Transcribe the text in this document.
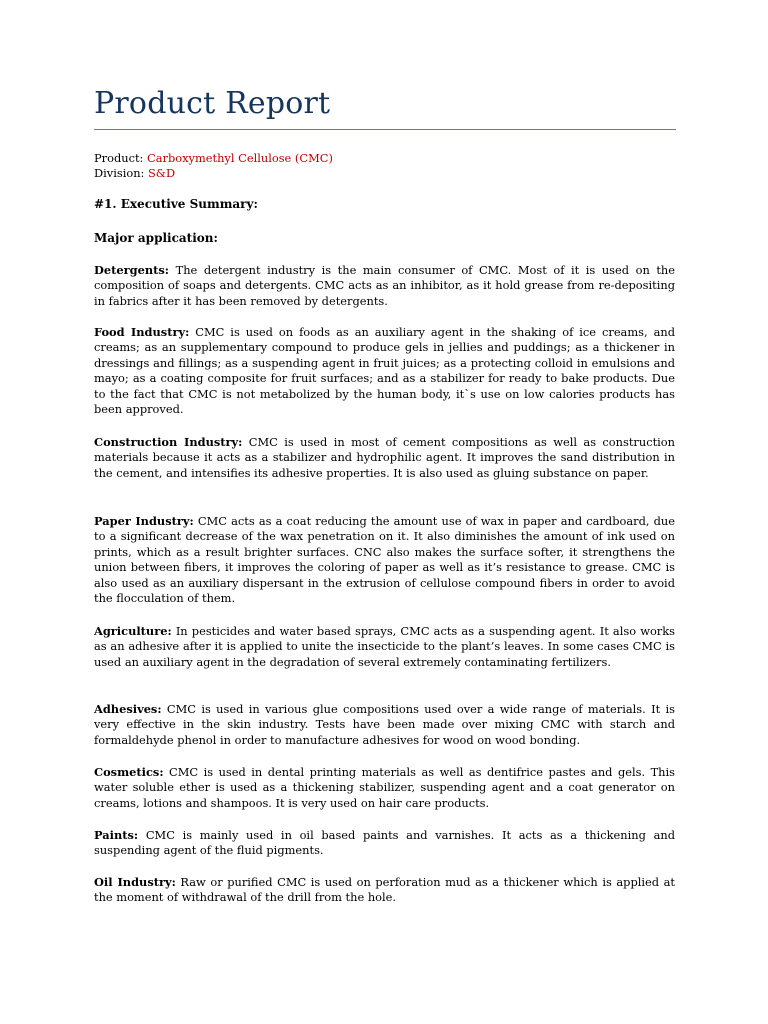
Product Report
Product: Carboxymethyl Cellulose (CMC)
Division: S&D
#1. Executive Summary:
Major application:

Detergents: The detergent industry is the main consumer of CMC. Most of it is used on the composition of soaps and detergents. CMC acts as an inhibitor, as it hold grease from re-depositing in fabrics after it has been removed by detergents.

Food Industry: CMC is used on foods as an auxiliary agent in the shaking of ice creams, and creams; as an supplementary compound to produce gels in jellies and puddings; as a thickener in dressings and fillings; as a suspending agent in fruit juices; as a protecting colloid in emulsions and mayo; as a coating composite for fruit surfaces; and as a stabilizer for ready to bake products. Due to the fact that CMC is not metabolized by the human body, it`s use on low calories products has been approved.

Construction Industry: CMC is used in most of cement compositions as well as construction materials because it acts as a stabilizer and hydrophilic agent. It improves the sand distribution in the cement, and intensifies its adhesive properties. It is also used as gluing substance on paper.

Paper Industry: CMC acts as a coat reducing the amount use of wax in paper and cardboard, due to a significant decrease of the wax penetration on it. It also diminishes the amount of ink used on prints, which as a result brighter surfaces. CNC also makes the surface softer, it strengthens the union between fibers, it improves the coloring of paper as well as it’s resistance to grease. CMC is also used as an auxiliary dispersant in the extrusion of cellulose compound fibers in order to avoid the flocculation of them.

Agriculture: In pesticides and water based sprays, CMC acts as a suspending agent. It also works as an adhesive after it is applied to unite the insecticide to the plant’s leaves. In some cases CMC is used an auxiliary agent in the degradation of several extremely contaminating fertilizers.

Adhesives: CMC is used in various glue compositions used over a wide range of materials. It is very effective in the skin industry. Tests have been made over mixing CMC with starch and formaldehyde phenol in order to manufacture adhesives for wood on wood bonding.

Cosmetics: CMC is used in dental printing materials as well as dentifrice pastes and gels. This water soluble ether is used as a thickening stabilizer, suspending agent and a coat generator on creams, lotions and shampoos. It is very used on hair care products.

Paints: CMC is mainly used in oil based paints and varnishes. It acts as a thickening and suspending agent of the fluid pigments.

Oil Industry: Raw or purified CMC is used on perforation mud as a thickener which is applied at the moment of withdrawal of the drill from the hole.
